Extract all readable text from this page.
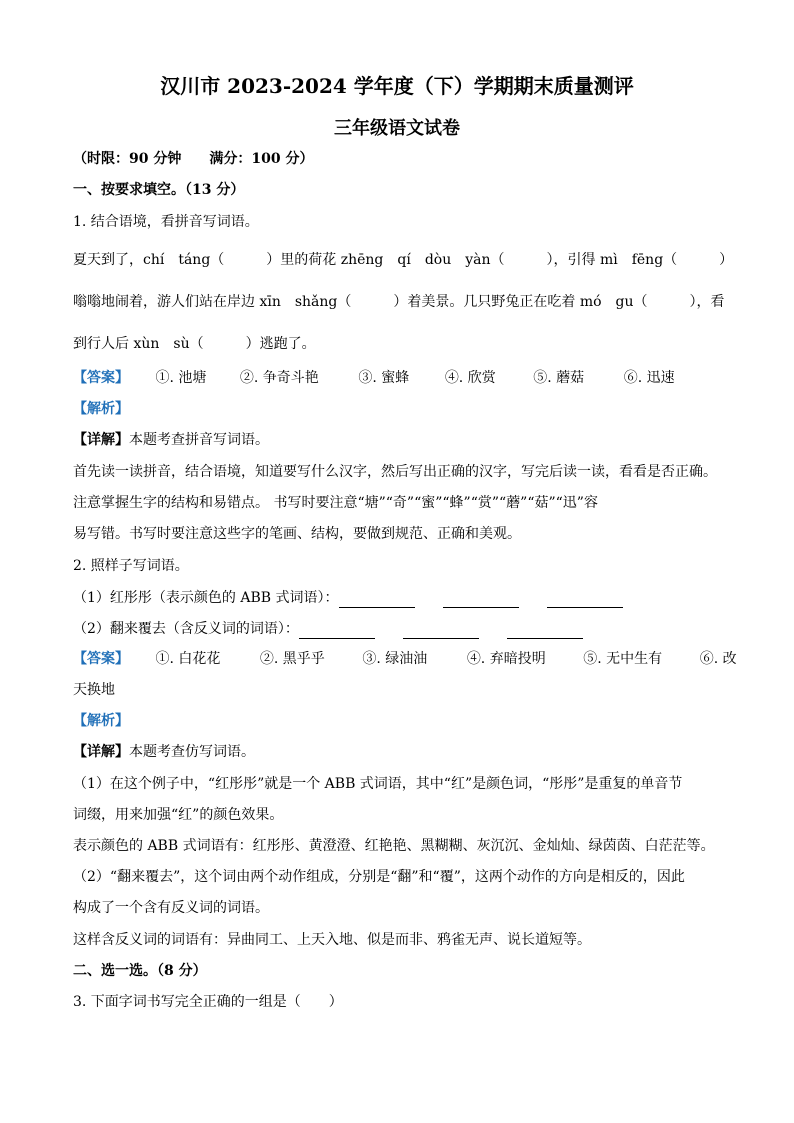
汉川市 2023-2024 学年度（下）学期期末质量测评
三年级语文试卷
（时限：90 分钟 满分：100 分）
一、按要求填空。（13 分）
1. 结合语境，看拼音写词语。
夏天到了，chí　táng（　　　）里的荷花 zhēng　qí　dòu　yàn（　　　），引得 mì　fēng（　　　）
嗡嗡地闹着，游人们站在岸边 xīn　shǎng（　　　）着美景。几只野兔正在吃着 mó　gu（　　　），看
到行人后 xùn　sù（　　　）逃跑了。
【答案】 ①. 池塘 ②. 争奇斗艳	③. 蜜蜂	④. 欣赏	⑤. 蘑菇	⑥. 迅速
【解析】
【详解】本题考查拼音写词语。
首先读一读拼音，结合语境，知道要写什么汉字，然后写出正确的汉字，写完后读一读，看看是否正确。
注意掌握生字的结构和易错点。 书写时要注意“塘”“奇”“蜜”“蜂”“赏”“蘑”“菇”“迅”容
易写错。书写时要注意这些字的笔画、结构，要做到规范、正确和美观。
2. 照样子写词语。
（1）红彤彤（表示颜色的 ABB 式词语）：
（2）翻来覆去（含反义词的词语）：
【答案】 ①. 白花花	②. 黑乎乎	③. 绿油油	④. 弃暗投明	⑤. 无中生有	⑥. 改
天换地
【解析】
【详解】本题考查仿写词语。
（1）在这个例子中，“红彤彤”就是一个 ABB 式词语，其中“红”是颜色词，“彤彤”是重复的单音节
词缀，用来加强“红”的颜色效果。
表示颜色的 ABB 式词语有：红彤彤、黄澄澄、红艳艳、黑糊糊、灰沉沉、金灿灿、绿茵茵、白茫茫等。
（2）“翻来覆去”，这个词由两个动作组成，分别是“翻”和“覆”，这两个动作的方向是相反的，因此
构成了一个含有反义词的词语。
这样含反义词的词语有：异曲同工、上天入地、似是而非、鸦雀无声、说长道短等。
二、选一选。（8 分）
3. 下面字词书写完全正确的一组是（　　）
